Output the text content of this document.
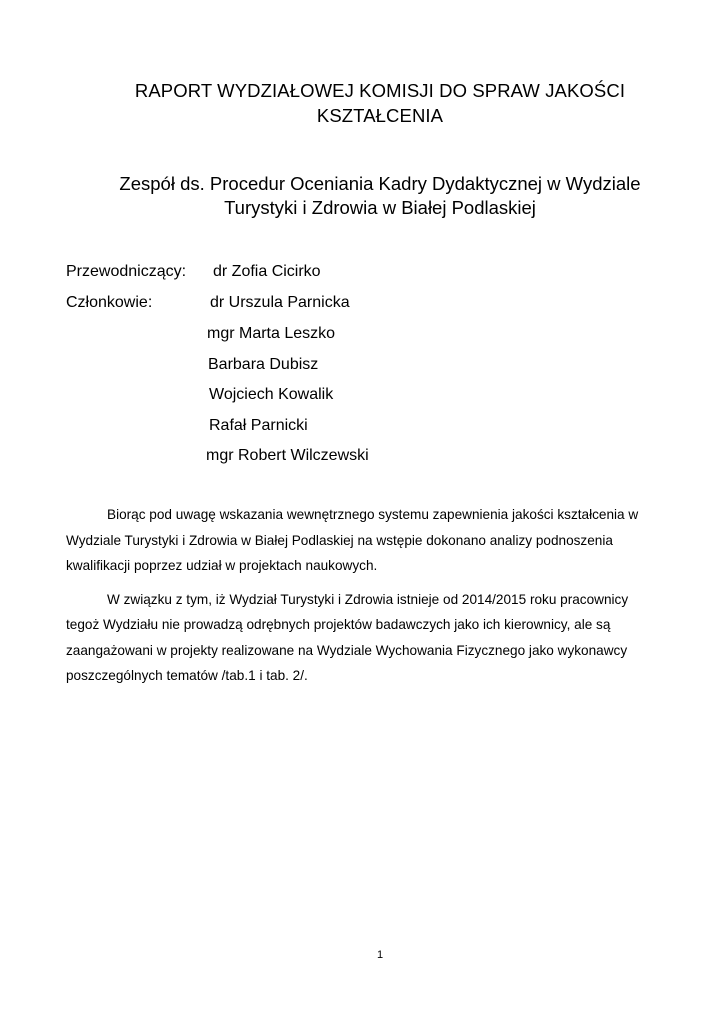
RAPORT WYDZIAŁOWEJ KOMISJI DO SPRAW JAKOŚCI
KSZTAŁCENIA
Zespół ds. Procedur Oceniania Kadry Dydaktycznej w Wydziale
Turystyki i Zdrowia w Białej Podlaskiej
Przewodniczący: dr Zofia Cicirko
Członkowie:	dr Urszula Parnicka
mgr Marta Leszko
Barbara Dubisz
Wojciech Kowalik
Rafał Parnicki
mgr Robert Wilczewski
Biorąc pod uwagę wskazania wewnętrznego systemu zapewnienia jakości kształcenia w
Wydziale Turystyki i Zdrowia w Białej Podlaskiej na wstępie dokonano analizy podnoszenia
kwalifikacji poprzez udział w projektach naukowych.
W związku z tym, iż Wydział Turystyki i Zdrowia istnieje od 2014/2015 roku pracownicy
tegoż Wydziału nie prowadzą odrębnych projektów badawczych jako ich kierownicy, ale są
zaangażowani w projekty realizowane na Wydziale Wychowania Fizycznego jako wykonawcy
poszczególnych tematów /tab.1 i tab. 2/.
1
